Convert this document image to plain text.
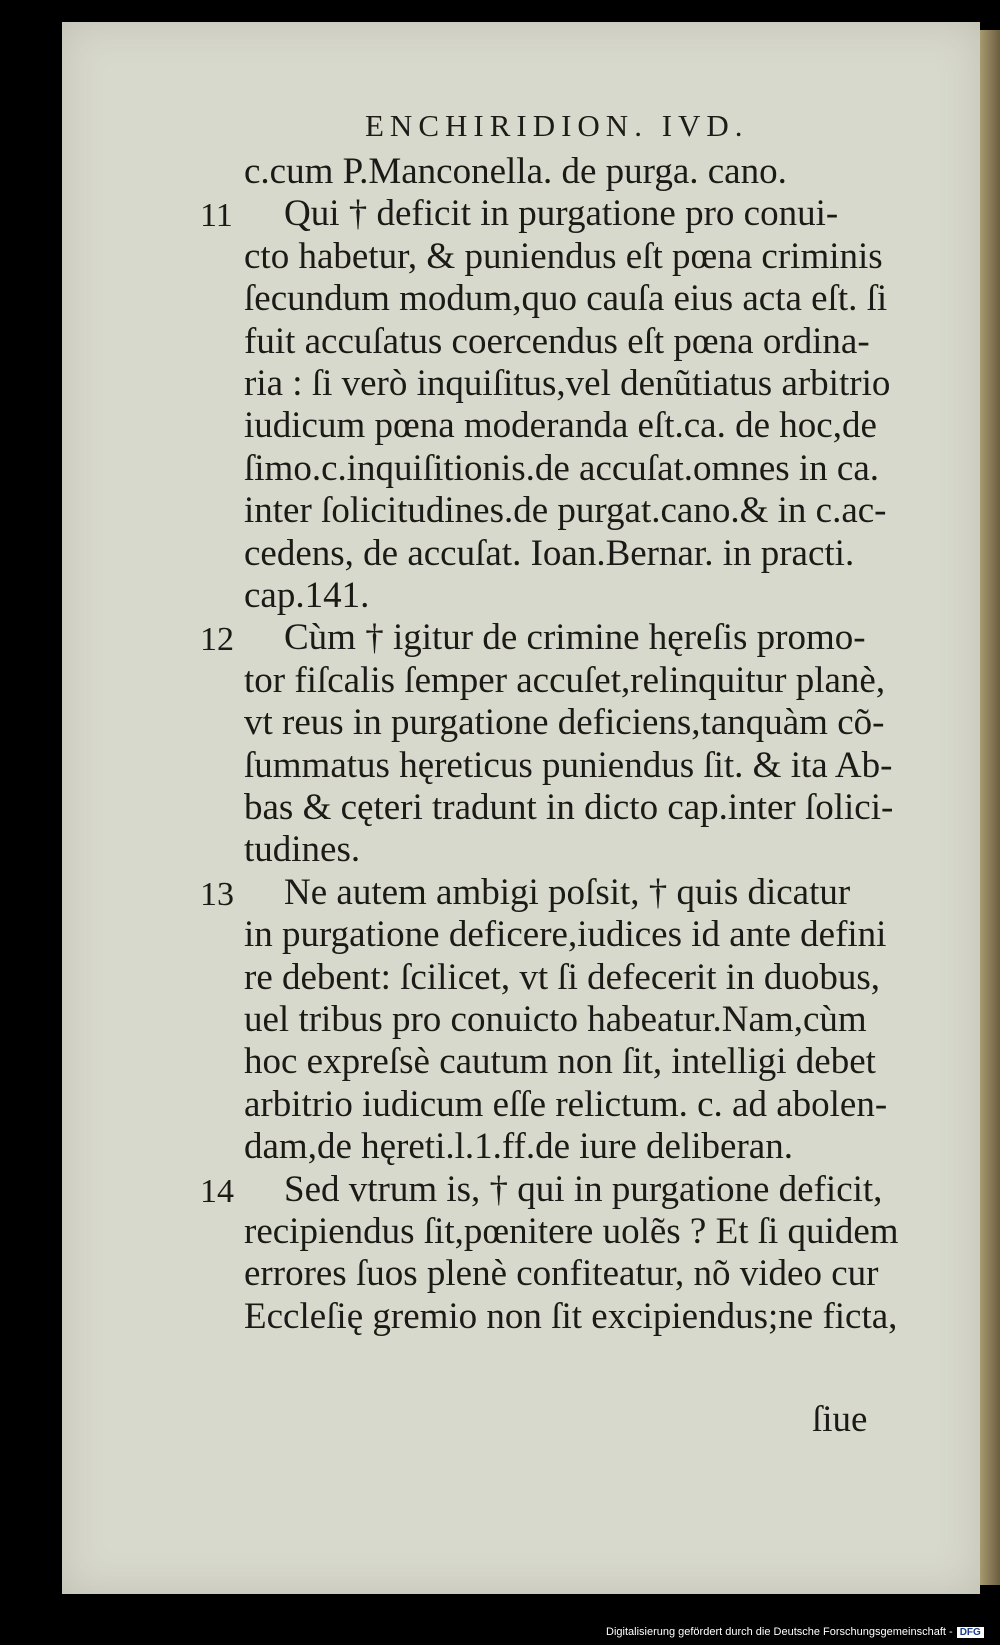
ENCHIRIDION. IVD.
c.cum P.Manconella. de purga. cano.
Qui † deficit in purgatione pro conui-
cto habetur, & puniendus eſt pœna criminis
ſecundum modum,quo cauſa eius acta eſt. ſi
fuit accuſatus coercendus eſt pœna ordina-
ria : ſi verò inquiſitus,vel denũtiatus arbitrio
iudicum pœna moderanda eſt.ca. de hoc,de
ſimo.c.inquiſitionis.de accuſat.omnes in ca.
inter ſolicitudines.de purgat.cano.& in c.ac-
cedens, de accuſat. Ioan.Bernar. in practi.
cap.141.
Cùm † igitur de crimine hęreſis promo-
tor fiſcalis ſemper accuſet,relinquitur planè,
vt reus in purgatione deficiens,tanquàm cõ-
ſummatus hęreticus puniendus ſit. & ita Ab-
bas & cęteri tradunt in dicto cap.inter ſolici-
tudines.
Ne autem ambigi poſsit, † quis dicatur
in purgatione deficere,iudices id ante defini
re debent: ſcilicet, vt ſi defecerit in duobus,
uel tribus pro conuicto habeatur.Nam,cùm
hoc expreſsè cautum non ſit, intelligi debet
arbitrio iudicum eſſe relictum. c. ad abolen-
dam,de hęreti.l.1.ff.de iure deliberan.
Sed vtrum is, † qui in purgatione deficit,
recipiendus ſit,pœnitere uolẽs ? Et ſi quidem
errores ſuos plenè confiteatur, nõ video cur
Eccleſię gremio non ſit excipiendus;ne ficta,
11
12
13
14
ſiue
Digitalisierung gefördert durch die Deutsche Forschungsgemeinschaft - DFG
